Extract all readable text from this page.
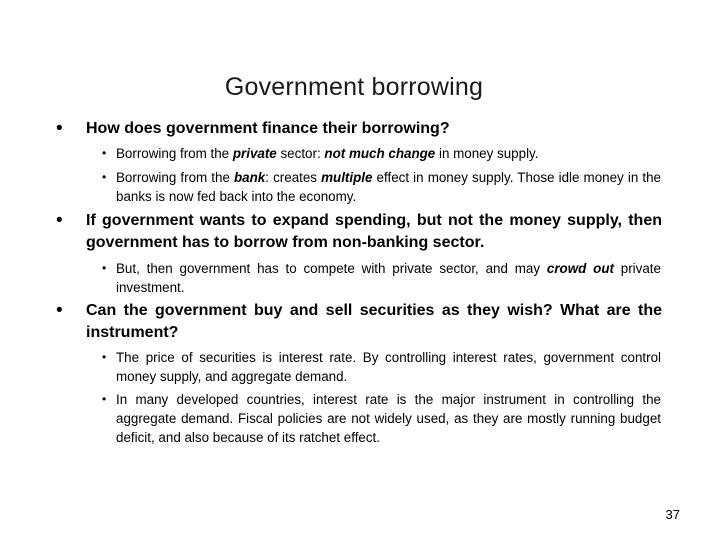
Government borrowing
• How does government finance their borrowing?
• Borrowing from the private sector: not much change in money supply.
• Borrowing from the bank: creates multiple effect in money supply. Those idle money in the banks is now fed back into the economy.
• If government wants to expand spending, but not the money supply, then government has to borrow from non-banking sector.
• But, then government has to compete with private sector, and may crowd out private investment.
• Can the government buy and sell securities as they wish? What are the instrument?
• The price of securities is interest rate. By controlling interest rates, government control money supply, and aggregate demand.
• In many developed countries, interest rate is the major instrument in controlling the aggregate demand. Fiscal policies are not widely used, as they are mostly running budget deficit, and also because of its ratchet effect.
37
